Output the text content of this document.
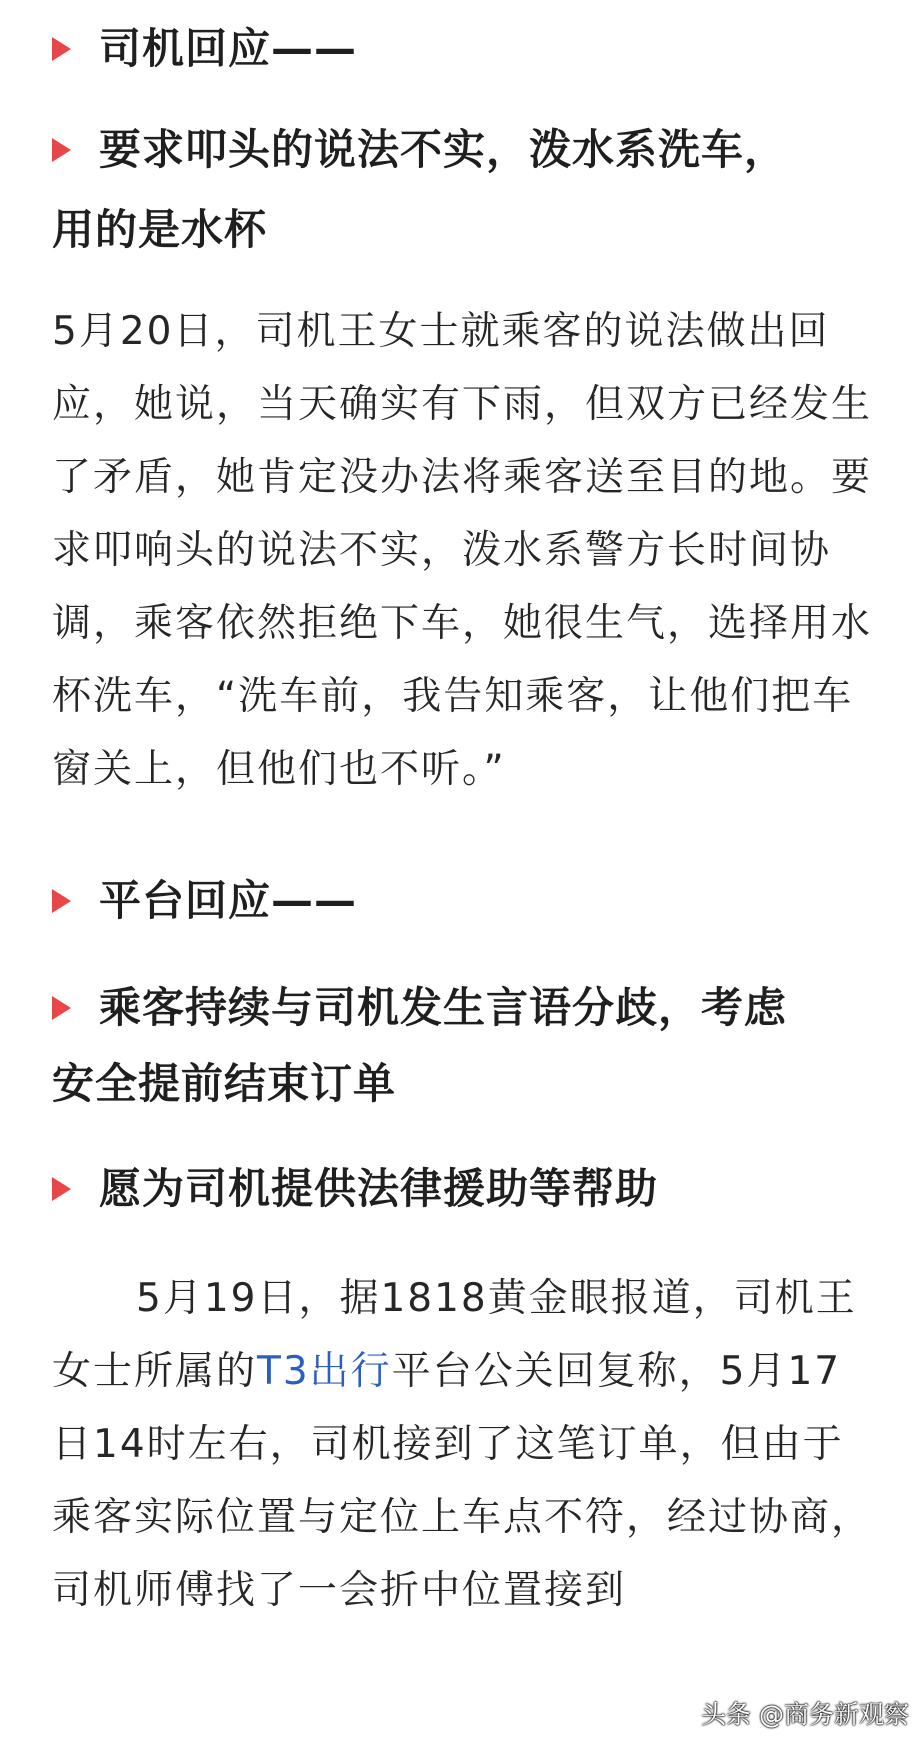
司机回应——
要求叩头的说法不实，泼水系洗车，
用的是水杯
5月20日，司机王女士就乘客的说法做出回应，她说，当天确实有下雨，但双方已经发生了矛盾，她肯定没办法将乘客送至目的地。要求叩响头的说法不实，泼水系警方长时间协调，乘客依然拒绝下车，她很生气，选择用水杯洗车，“洗车前，我告知乘客，让他们把车窗关上，但他们也不听。”
平台回应——
乘客持续与司机发生言语分歧，考虑
安全提前结束订单
愿为司机提供法律援助等帮助
5月19日，据1818黄金眼报道，司机王女士所属的T3出行平台公关回复称，5月17日14时左右，司机接到了这笔订单，但由于乘客实际位置与定位上车点不符，经过协商，司机师傅找了一会折中位置接到
头条 @商务新观察
